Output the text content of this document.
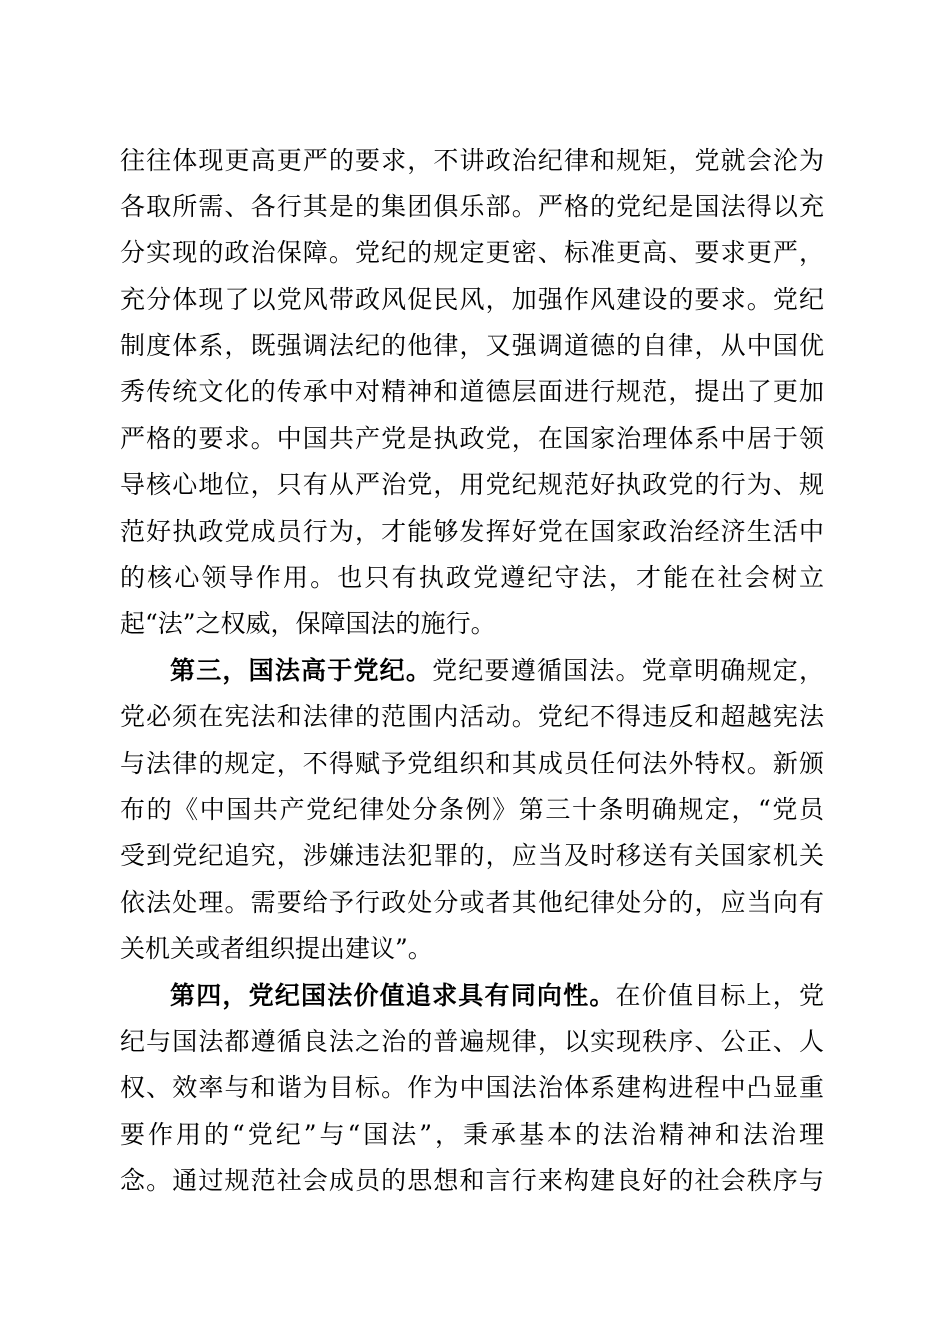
往往体现更高更严的要求，不讲政治纪律和规矩，党就会沦为
各取所需、各行其是的集团俱乐部。严格的党纪是国法得以充
分实现的政治保障。党纪的规定更密、标准更高、要求更严，
充分体现了以党风带政风促民风，加强作风建设的要求。党纪
制度体系，既强调法纪的他律，又强调道德的自律，从中国优
秀传统文化的传承中对精神和道德层面进行规范，提出了更加
严格的要求。中国共产党是执政党，在国家治理体系中居于领
导核心地位，只有从严治党，用党纪规范好执政党的行为、规
范好执政党成员行为，才能够发挥好党在国家政治经济生活中
的核心领导作用。也只有执政党遵纪守法，才能在社会树立
起“法”之权威，保障国法的施行。
第三，国法高于党纪。党纪要遵循国法。党章明确规定，
党必须在宪法和法律的范围内活动。党纪不得违反和超越宪法
与法律的规定，不得赋予党组织和其成员任何法外特权。新颁
布的《中国共产党纪律处分条例》第三十条明确规定，“党员
受到党纪追究，涉嫌违法犯罪的，应当及时移送有关国家机关
依法处理。需要给予行政处分或者其他纪律处分的，应当向有
关机关或者组织提出建议”。
第四，党纪国法价值追求具有同向性。在价值目标上，党
纪与国法都遵循良法之治的普遍规律，以实现秩序、公正、人
权、效率与和谐为目标。作为中国法治体系建构进程中凸显重
要作用的“党纪”与“国法”，秉承基本的法治精神和法治理
念。通过规范社会成员的思想和言行来构建良好的社会秩序与
